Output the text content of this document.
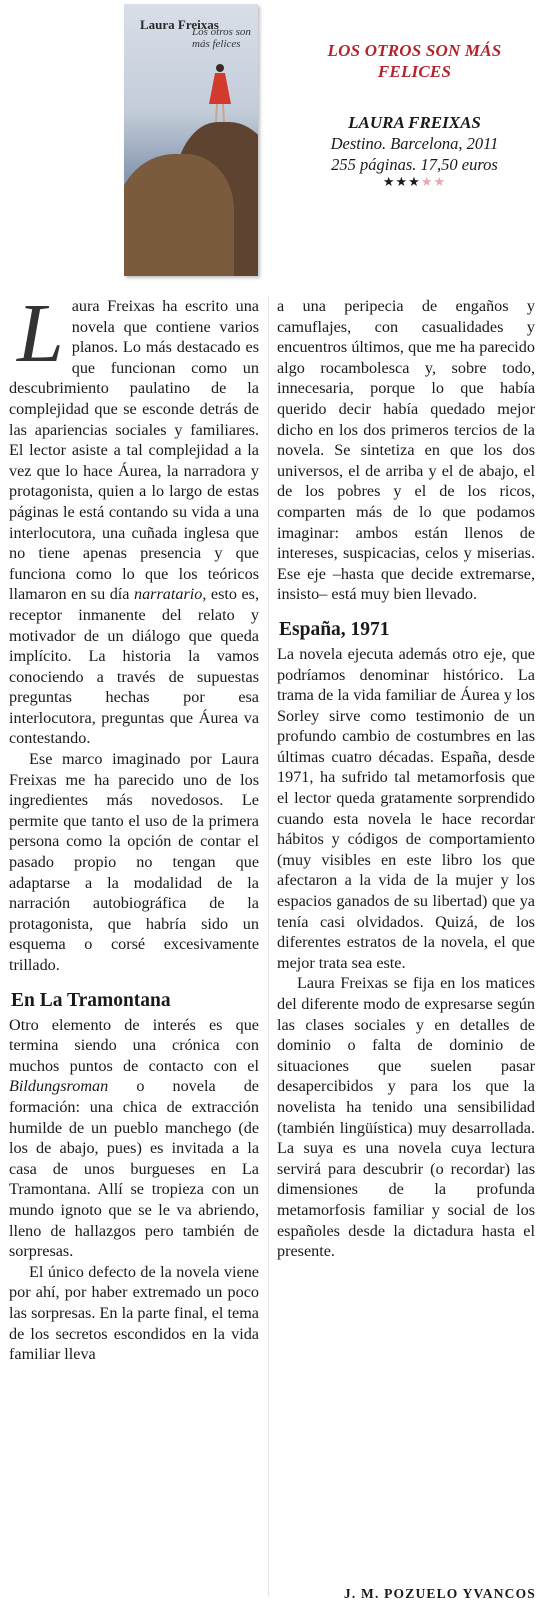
Laura Freixas
Los otros son más felices	LOS OTROS SON MÁS FELICES
LAURA FREIXAS
Destino. Barcelona, 2011
255 páginas. 17,50 euros
★★★★★

Laura Freixas ha escrito una novela que contiene varios planos. Lo más destacado es que funcionan como un descubrimiento paulatino de la complejidad que se esconde detrás de las apariencias sociales y familiares. El lector asiste a tal complejidad a la vez que lo hace Áurea, la narradora y protagonista, quien a lo largo de estas páginas le está contando su vida a una interlocutora, una cuñada inglesa que no tiene apenas presencia y que funciona como lo que los teóricos llamaron en su día narratario, esto es, receptor inmanente del relato y motivador de un diálogo que queda implícito. La historia la vamos conociendo a través de supuestas preguntas hechas por esa interlocutora, preguntas que Áurea va contestando.

Ese marco imaginado por Laura Freixas me ha parecido uno de los ingredientes más novedosos. Le permite que tanto el uso de la primera persona como la opción de contar el pasado propio no tengan que adaptarse a la modalidad de la narración autobiográfica de la protagonista, que habría sido un esquema o corsé excesivamente trillado.

En La Tramontana

Otro elemento de interés es que termina siendo una crónica con muchos puntos de contacto con el Bildungsroman o novela de formación: una chica de extracción humilde de un pueblo manchego (de los de abajo, pues) es invitada a la casa de unos burgueses en La Tramontana. Allí se tropieza con un mundo ignoto que se le va abriendo, lleno de hallazgos pero también de sorpresas.

El único defecto de la novela viene por ahí, por haber extremado un poco las sorpresas. En la parte final, el tema de los secretos escondidos en la vida familiar lleva

a una peripecia de engaños y camuflajes, con casualidades y encuentros últimos, que me ha parecido algo rocambolesca y, sobre todo, innecesaria, porque lo que había querido decir había quedado mejor dicho en los dos primeros tercios de la novela. Se sintetiza en que los dos universos, el de arriba y el de abajo, el de los pobres y el de los ricos, comparten más de lo que podamos imaginar: ambos están llenos de intereses, suspicacias, celos y miserias. Ese eje –hasta que decide extremarse, insisto– está muy bien llevado.

España, 1971

La novela ejecuta además otro eje, que podríamos denominar histórico. La trama de la vida familiar de Áurea y los Sorley sirve como testimonio de un profundo cambio de costumbres en las últimas cuatro décadas. España, desde 1971, ha sufrido tal metamorfosis que el lector queda gratamente sorprendido cuando esta novela le hace recordar hábitos y códigos de comportamiento (muy visibles en este libro los que afectaron a la vida de la mujer y los espacios ganados de su libertad) que ya tenía casi olvidados. Quizá, de los diferentes estratos de la novela, el que mejor trata sea este.

Laura Freixas se fija en los matices del diferente modo de expresarse según las clases sociales y en detalles de dominio o falta de dominio de situaciones que suelen pasar desapercibidos y para los que la novelista ha tenido una sensibilidad (también lingüística) muy desarrollada. La suya es una novela cuya lectura servirá para descubrir (o recordar) las dimensiones de la profunda metamorfosis familiar y social de los españoles desde la dictadura hasta el presente.

J. M. POZUELO YVANCOS
